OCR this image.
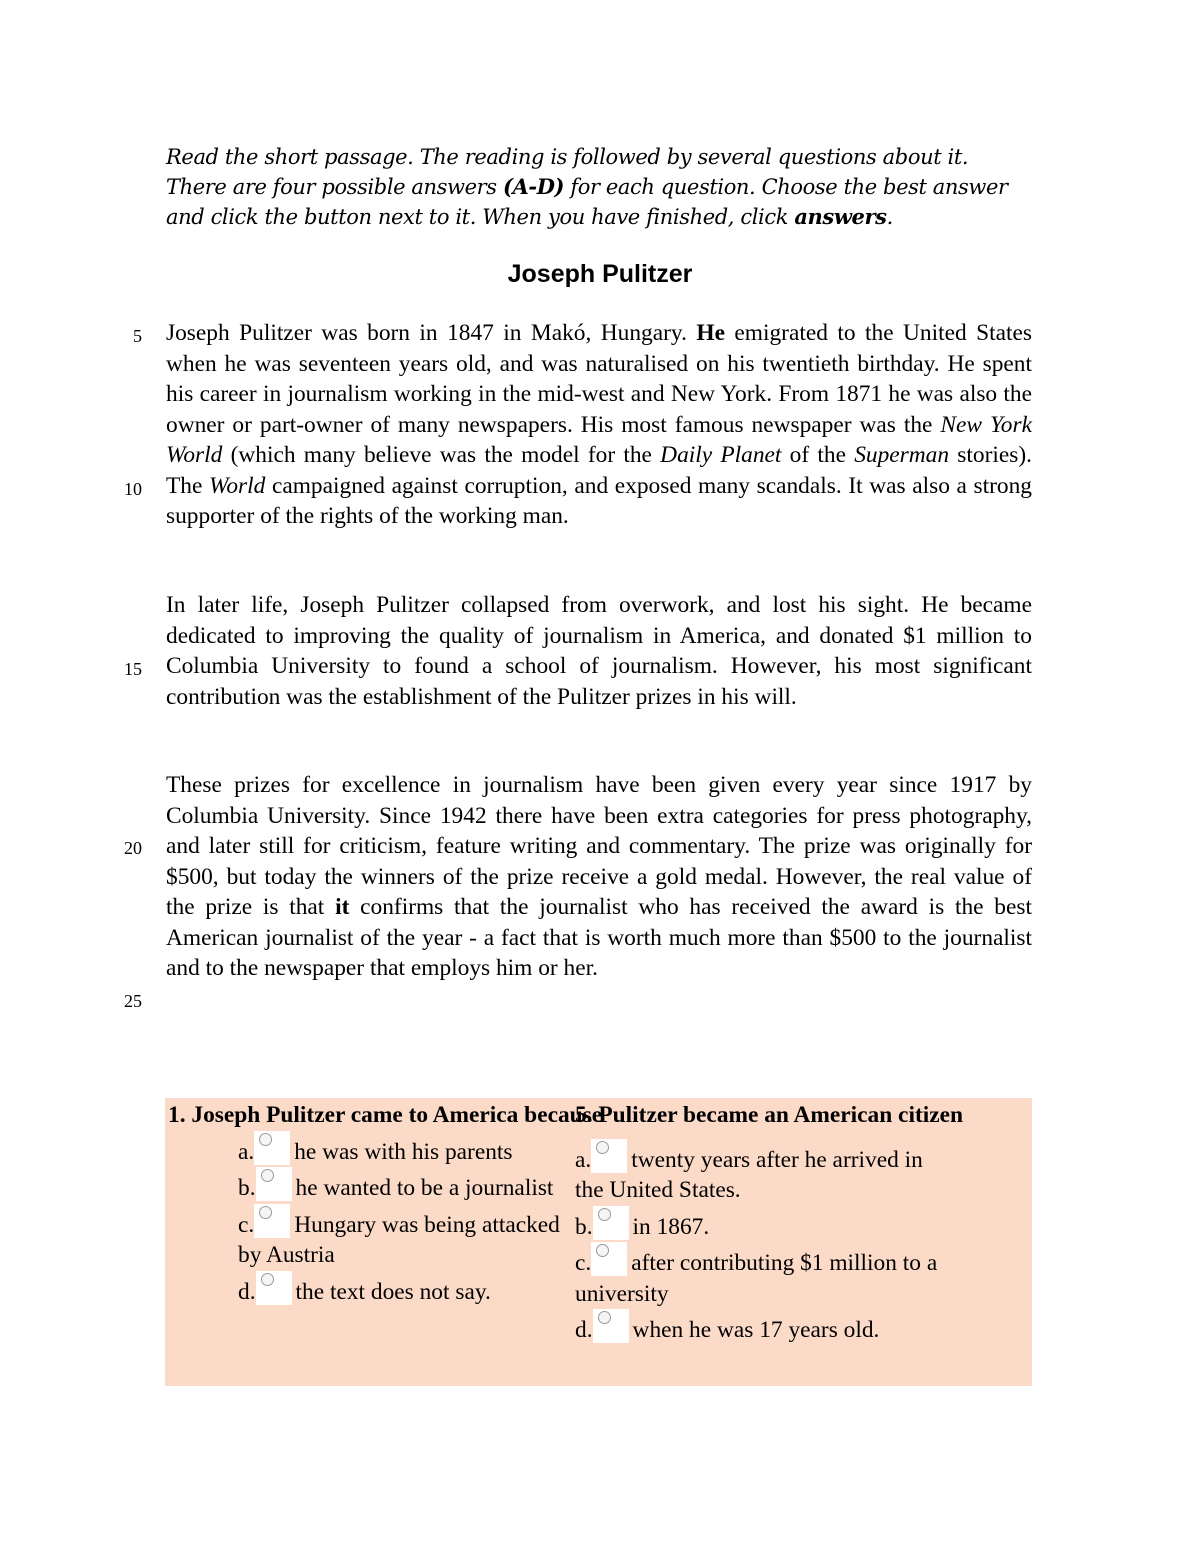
Read the short passage. The reading is followed by several questions about it.
There are four possible answers (A-D) for each question. Choose the best answer
and click the button next to it. When you have finished, click answers.
Joseph Pulitzer
5
10
15
20
25

Joseph Pulitzer was born in 1847 in Makó, Hungary. He emigrated to the United States when he was seventeen years old, and was naturalised on his twentieth birthday. He spent his career in journalism working in the mid-west and New York. From 1871 he was also the owner or part-owner of many newspapers. His most famous newspaper was the New York World (which many believe was the model for the Daily Planet of the Superman stories). The World campaigned against corruption, and exposed many scandals. It was also a strong supporter of the rights of the working man.

In later life, Joseph Pulitzer collapsed from overwork, and lost his sight. He became dedicated to improving the quality of journalism in America, and donated $1 million to Columbia University to found a school of journalism. However, his most significant contribution was the establishment of the Pulitzer prizes in his will.

These prizes for excellence in journalism have been given every year since 1917 by Columbia University. Since 1942 there have been extra categories for press photography, and later still for criticism, feature writing and commentary. The prize was originally for $500, but today the winners of the prize receive a gold medal. However, the real value of the prize is that it confirms that the journalist who has received the award is the best American journalist of the year - a fact that is worth much more than $500 to the journalist and to the newspaper that employs him or her.

1. Joseph Pulitzer came to America because

a. he was with his parents

b. he wanted to be a journalist

c. Hungary was being attacked by Austria

d. the text does not say.

5. Pulitzer became an American citizen

a. twenty years after he arrived in the United States.

b. in 1867.

c. after contributing $1 million to a university

d. when he was 17 years old.
